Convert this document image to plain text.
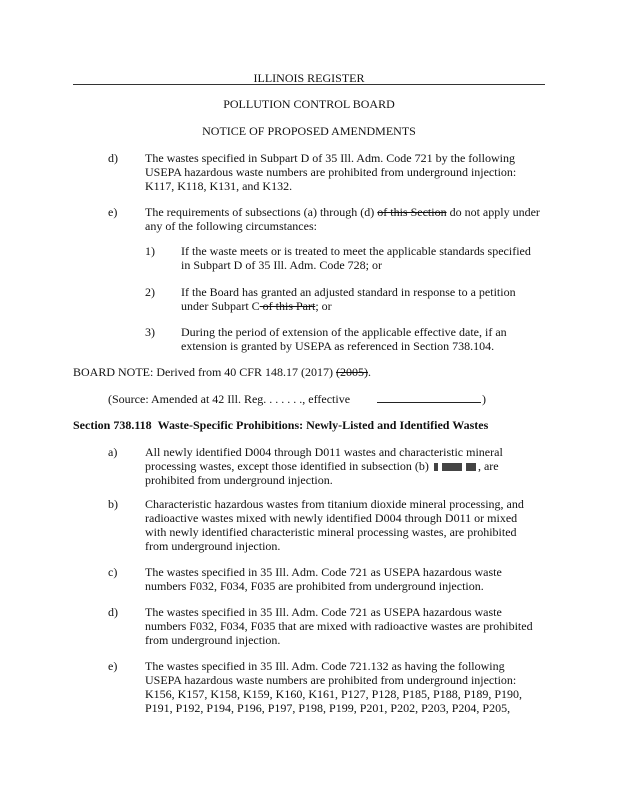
ILLINOIS REGISTER
POLLUTION CONTROL BOARD
NOTICE OF PROPOSED AMENDMENTS
d) The wastes specified in Subpart D of 35 Ill. Adm. Code 721 by the following
USEPA hazardous waste numbers are prohibited from underground injection:
K117, K118, K131, and K132.
e) The requirements of subsections (a) through (d) of this Section do not apply under
any of the following circumstances:
1) If the waste meets or is treated to meet the applicable standards specified
in Subpart D of 35 Ill. Adm. Code 728; or
2) If the Board has granted an adjusted standard in response to a petition
under Subpart C of this Part; or
3) During the period of extension of the applicable effective date, if an
extension is granted by USEPA as referenced in Section 738.104.
BOARD NOTE: Derived from 40 CFR 148.17 (2017) (2005).
(Source: Amended at 42 Ill. Reg. . . . . . ., effective	)
Section 738.118 Waste-Specific Prohibitions: Newly-Listed and Identified Wastes
a) All newly identified D004 through D011 wastes and characteristic mineral
processing wastes, except those identified in subsection (b)	, are
prohibited from underground injection.
b) Characteristic hazardous wastes from titanium dioxide mineral processing, and
radioactive wastes mixed with newly identified D004 through D011 or mixed
with newly identified characteristic mineral processing wastes, are prohibited
from underground injection.
c) The wastes specified in 35 Ill. Adm. Code 721 as USEPA hazardous waste
numbers F032, F034, F035 are prohibited from underground injection.
d) The wastes specified in 35 Ill. Adm. Code 721 as USEPA hazardous waste
numbers F032, F034, F035 that are mixed with radioactive wastes are prohibited
from underground injection.
e) The wastes specified in 35 Ill. Adm. Code 721.132 as having the following
USEPA hazardous waste numbers are prohibited from underground injection:
K156, K157, K158, K159, K160, K161, P127, P128, P185, P188, P189, P190,
P191, P192, P194, P196, P197, P198, P199, P201, P202, P203, P204, P205,
